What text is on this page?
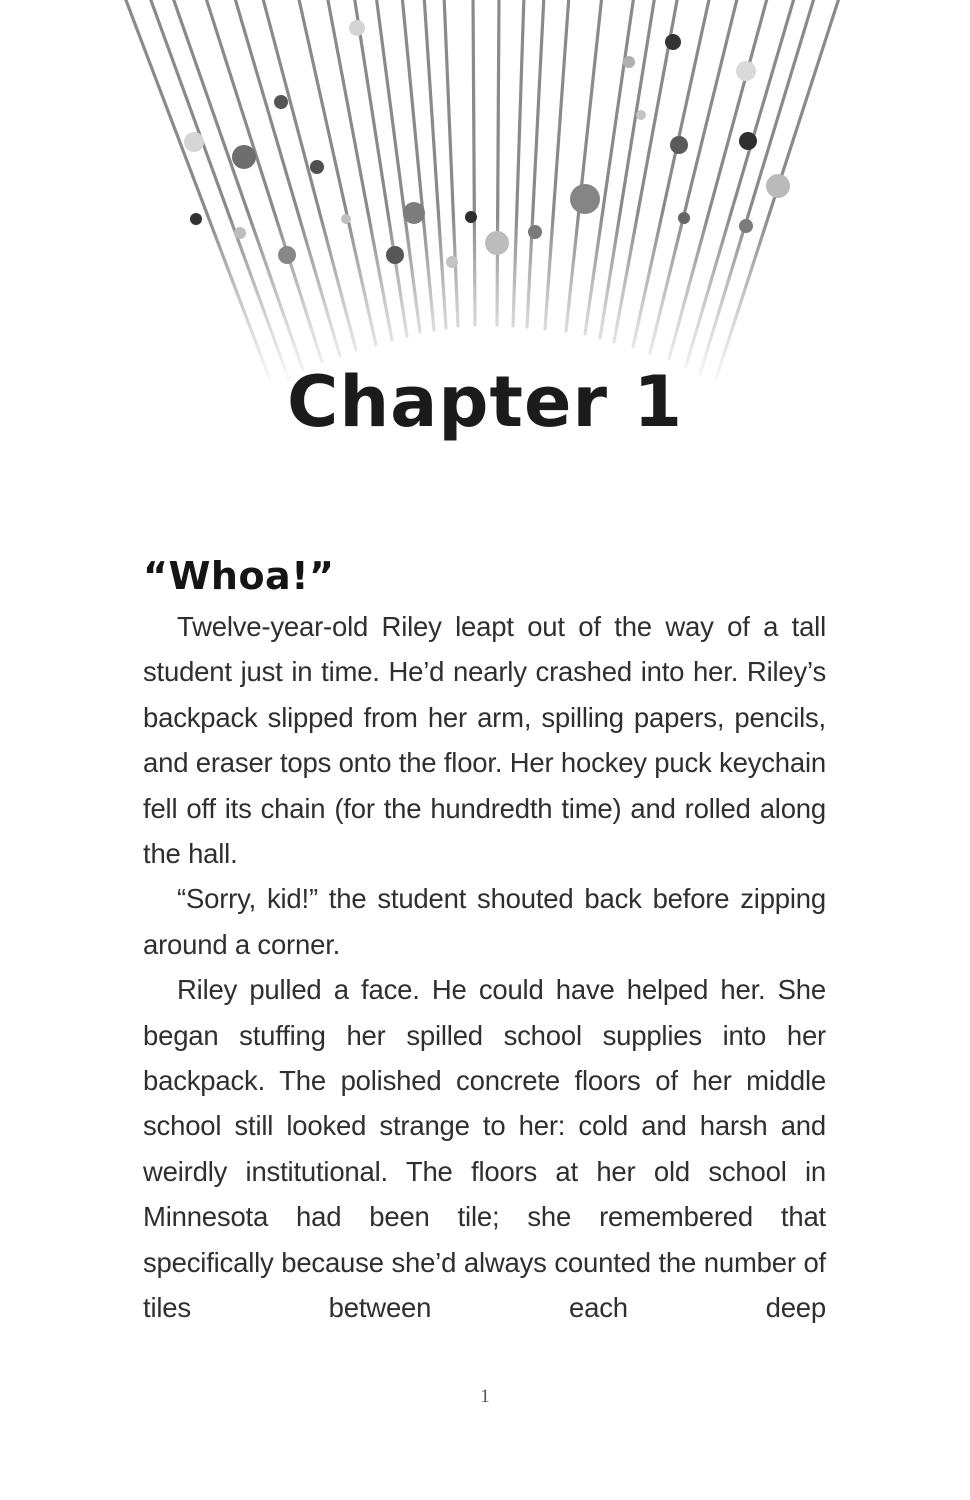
Chapter 1
“Whoa!”

Twelve-year-old Riley leapt out of the way of a tall student just in time. He’d nearly crashed into her. Riley’s backpack slipped from her arm, spilling papers, pencils, and eraser tops onto the floor. Her hockey puck keychain fell off its chain (for the hundredth time) and rolled along the hall.

“Sorry, kid!” the student shouted back before zipping around a corner.

Riley pulled a face. He could have helped her. She began stuffing her spilled school supplies into her backpack. The polished concrete floors of her middle school still looked strange to her: cold and harsh and weirdly institutional. The floors at her old school in Minnesota had been tile; she remembered that specifically because she’d always counted the number of tiles between each deep

1
